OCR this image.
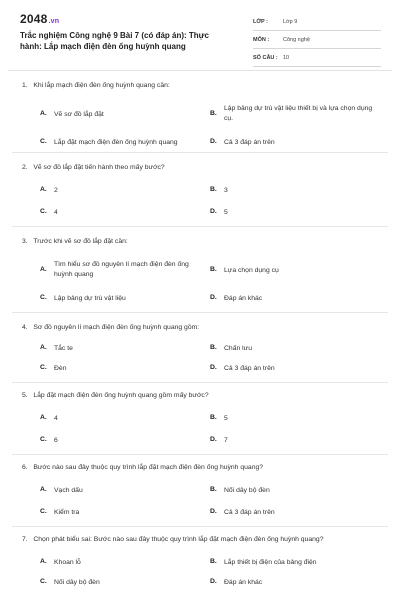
2048.vn
Trắc nghiệm Công nghệ 9 Bài 7 (có đáp án): Thực hành: Lắp mạch điện đèn ống huỳnh quang
LỚP :	Lớp 9
MÔN :	Công nghệ
SỐ CÂU : 10
1. Khi lắp mạch điện đèn ống huỳnh quang cần:
A. Vẽ sơ đồ lắp đặt	B.
Lập bảng dự trù vật liệu thiết bị và lựa chọn dụng cụ.
C. Lắp đặt mạch điện đèn ống huỳnh quang	D. Cả 3 đáp án trên
2. Vẽ sơ đồ lắp đặt tiến hành theo mấy bước?
A. 2	B. 3
C. 4	D. 5
3. Trước khi vẽ sơ đồ lắp đặt cần:
A.
Tìm hiểu sơ đồ nguyên lí mạch điện đèn ống huỳnh quang
B. Lựa chọn dụng cụ
C. Lập bảng dự trù vật liệu	D. Đáp án khác
4. Sơ đồ nguyên lí mạch điện đèn ống huỳnh quang gồm:
A. Tắc te	B. Chấn lưu
C. Đèn	D. Cả 3 đáp án trên
5. Lắp đặt mạch điện đèn ống huỳnh quang gồm mấy bước?
A. 4	B. 5
C. 6	D. 7
6. Bước nào sau đây thuộc quy trình lắp đặt mạch điện đèn ống huỳnh quang?
A. Vạch dấu	B. Nối dây bộ đèn
C. Kiểm tra	D. Cả 3 đáp án trên
7. Chọn phát biểu sai: Bước nào sau đây thuộc quy trình lắp đặt mạch điện đèn ống huỳnh quang?
A. Khoan lỗ	B. Lắp thiết bị điện của bảng điện
C. Nối dây bộ đèn	D. Đáp án khác
